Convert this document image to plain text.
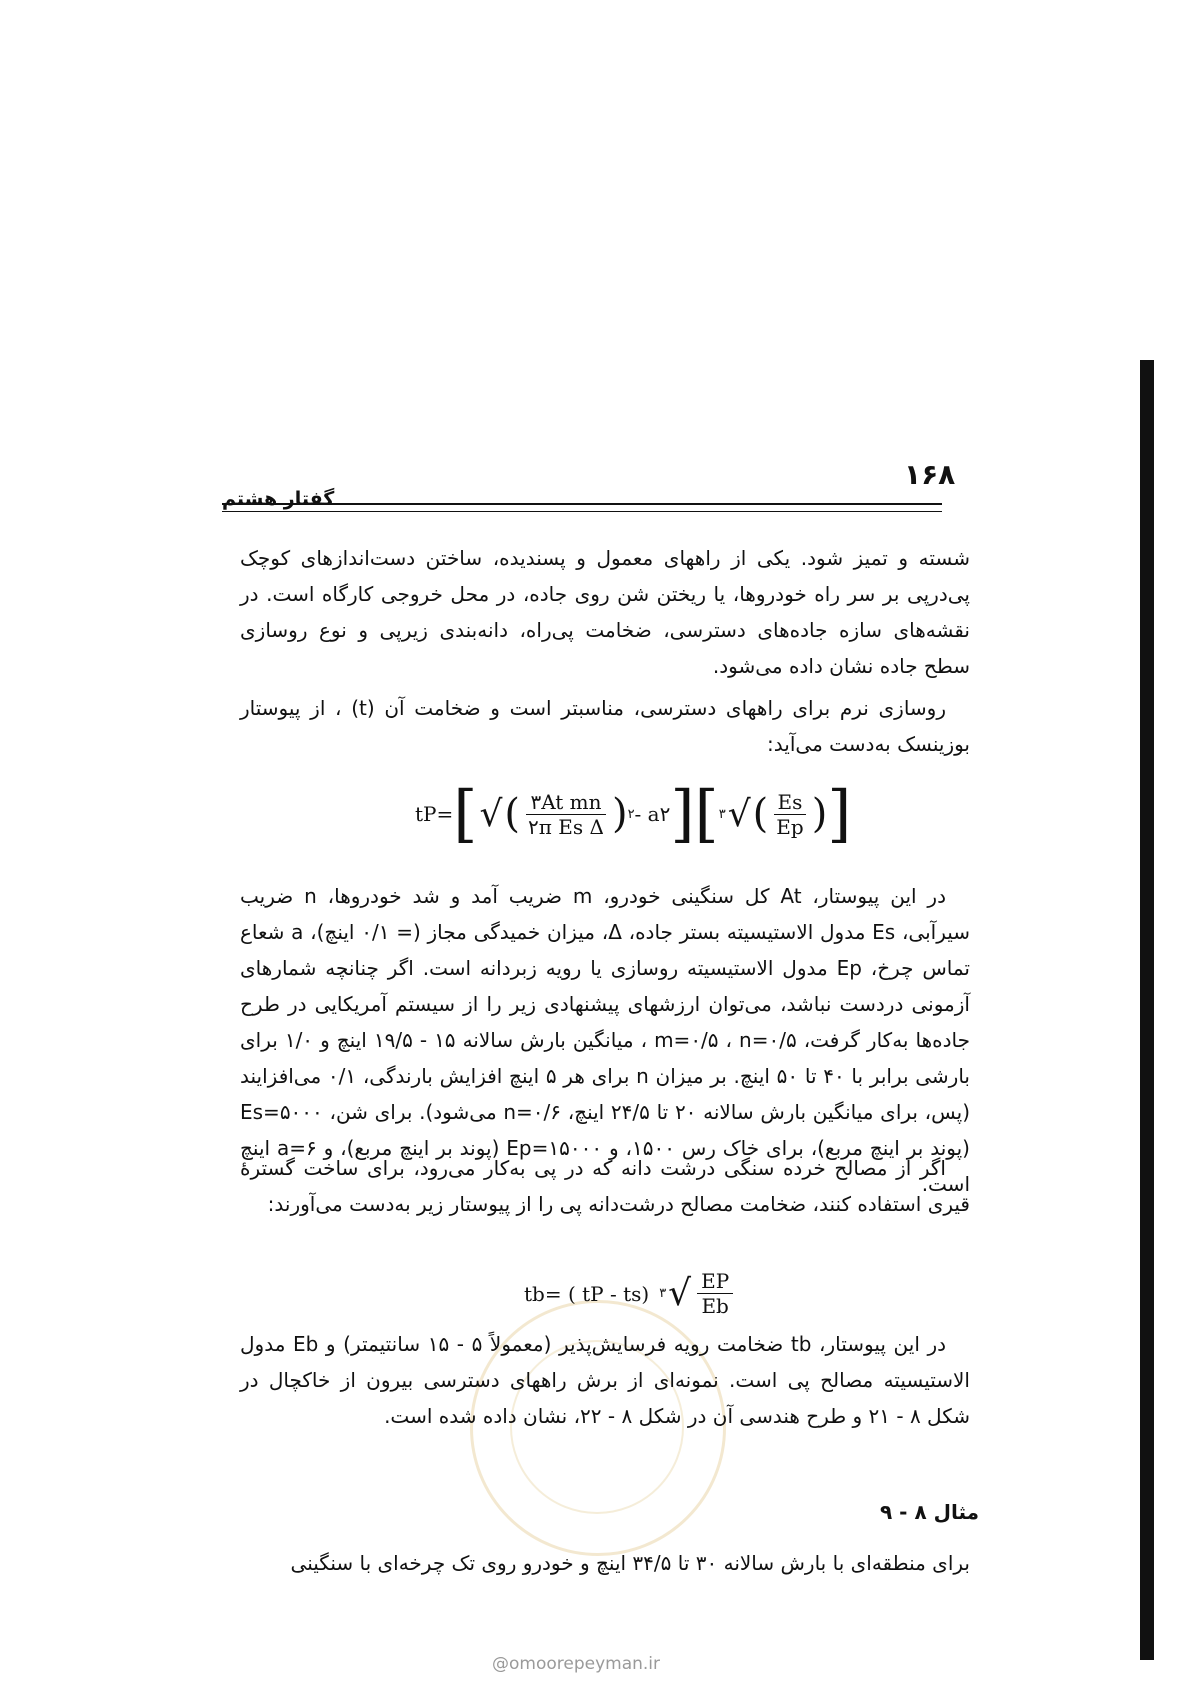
۱۶۸
گفتار هشتم
شسته و تمیز شود. یکی از راههای معمول و پسندیده، ساختن دست‌اندازهای کوچک پی‌درپی بر سر راه خودروها، یا ریختن شن روی جاده، در محل خروجی کارگاه است. در نقشه‌های سازه جاده‌های دسترسی، ضخامت پی‌راه، دانه‌بندی زیرپی و نوع روسازی سطح جاده نشان داده می‌شود.
روسازی نرم برای راههای دسترسی، مناسبتر است و ضخامت آن (t) ، از پیوستار بوزینسک به‌دست می‌آید:
tP= [ √ ( $\frac{\text{۳At mn}}{\text{۲π Es Δ}}$ ) ۲ - a۲ ] [ ۳ √ ( $\frac{Es}{Ep}$ ) ]
در این پیوستار، At کل سنگینی خودرو، m ضریب آمد و شد خودروها، n ضریب سیرآبی، Es مدول الاستیسیته بستر جاده، Δ، میزان خمیدگی مجاز (= ۰/۱ اینچ)، a شعاع تماس چرخ، Ep مدول الاستیسیته روسازی یا رویه زبردانه است. اگر چنانچه شمارهای آزمونی دردست نباشد، می‌توان ارزشهای پیشنهادی زیر را از سیستم آمریکایی در طرح جاده‌ها به‌کار گرفت، m=۰/۵ ، n=۰/۵ ، میانگین بارش سالانه ۱۵ - ۱۹/۵ اینچ و ۱/۰ برای بارشی برابر با ۴۰ تا ۵۰ اینچ. بر میزان n برای هر ۵ اینچ افزایش بارندگی، ۰/۱ می‌افزایند (پس، برای میانگین بارش سالانه ۲۰ تا ۲۴/۵ اینچ، n=۰/۶ می‌شود). برای شن، Es=۵۰۰۰ (پوند بر اینچ مربع)، برای خاک رس ۱۵۰۰، و Ep=۱۵۰۰۰ (پوند بر اینچ مربع)، و a=۶ اینچ است.
اگر از مصالح خرده سنگی درشت دانه که در پی به‌کار می‌رود، برای ساخت گسترهٔ قیری استفاده کنند، ضخامت مصالح درشت‌دانه پی را از پیوستار زیر به‌دست می‌آورند:
tb= ( tP - ts) ۳ √ $\frac{EP}{Eb}$
در این پیوستار، tb ضخامت رویه فرسایش‌پذیر (معمولاً ۵ - ۱۵ سانتیمتر) و Eb مدول الاستیسیته مصالح پی است. نمونه‌ای از برش راههای دسترسی بیرون از خاکچال در شکل ۸ - ۲۱ و طرح هندسی آن در شکل ۸ - ۲۲، نشان داده شده است.
مثال ۸ - ۹
برای منطقه‌ای با بارش سالانه ۳۰ تا ۳۴/۵ اینچ و خودرو روی تک چرخه‌ای با سنگینی
@omoorepeyman.ir
